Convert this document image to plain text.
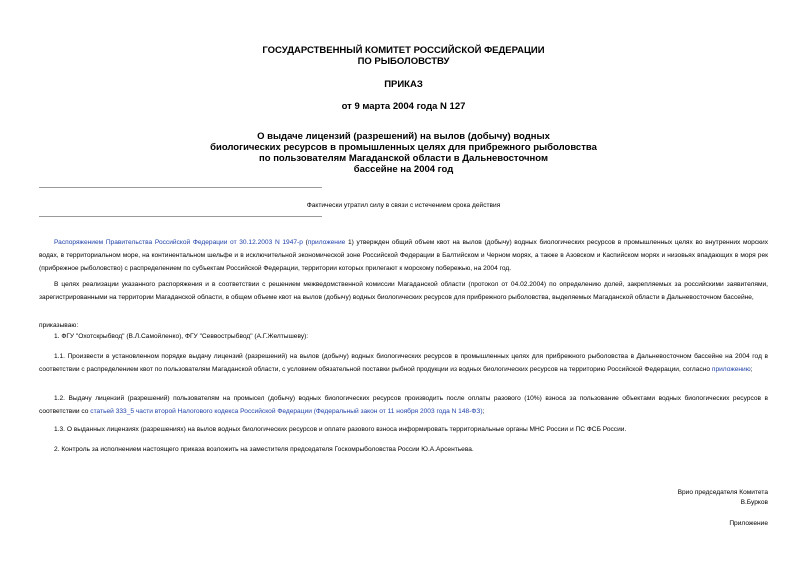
ГОСУДАРСТВЕННЫЙ КОМИТЕТ РОССИЙСКОЙ ФЕДЕРАЦИИ
ПО РЫБОЛОВСТВУ
ПРИКАЗ
от 9 марта 2004 года N 127
О выдаче лицензий (разрешений) на вылов (добычу) водных
биологических ресурсов в промышленных целях для прибрежного рыболовства
по пользователям Магаданской области в Дальневосточном
бассейне на 2004 год
Фактически утратил силу в связи с истечением срока действия
Распоряжением Правительства Российской Федерации от 30.12.2003 N 1947-р (приложение 1) утвержден общий объем квот на вылов (добычу) водных биологических ресурсов в промышленных целях во внутренних морских водах, в территориальном море, на континентальном шельфе и в исключительной экономической зоне Российской Федерации в Балтийском и Черном морях, а также в Азовском и Каспийском морях и низовьях впадающих в моря рек (прибрежное рыболовство) с распределением по субъектам Российской Федерации, территории которых прилегают к морскому побережью, на 2004 год.
В целях реализации указанного распоряжения и в соответствии с решением межведомственной комиссии Магаданской области (протокол от 04.02.2004) по определению долей, закрепляемых за российскими заявителями, зарегистрированными на территории Магаданской области, в общем объеме квот на вылов (добычу) водных биологических ресурсов для прибрежного рыболовства, выделяемых Магаданской области в Дальневосточном бассейне,
приказываю:
1. ФГУ "Охотскрыбвод" (В.Л.Самойленко), ФГУ "Севвострыбвод" (А.Г.Желтышеву):
1.1. Произвести в установленном порядке выдачу лицензий (разрешений) на вылов (добычу) водных биологических ресурсов в промышленных целях для прибрежного рыболовства в Дальневосточном бассейне на 2004 год в соответствии с распределением квот по пользователям Магаданской области, с условием обязательной поставки рыбной продукции из водных биологических ресурсов на территорию Российской Федерации, согласно приложению;
1.2. Выдачу лицензий (разрешений) пользователям на промысел (добычу) водных биологических ресурсов производить после оплаты разового (10%) взноса за пользование объектами водных биологических ресурсов в соответствии со статьей 333_5 части второй Налогового кодекса Российской Федерации (Федеральный закон от 11 ноября 2003 года N 148-ФЗ);
1.3. О выданных лицензиях (разрешениях) на вылов водных биологических ресурсов и оплате разового взноса информировать территориальные органы МНС России и ПС ФСБ России.
2. Контроль за исполнением настоящего приказа возложить на заместителя председателя Госкомрыболовства России Ю.А.Арсентьева.
Врио председателя Комитета
В.Бурков
Приложение
